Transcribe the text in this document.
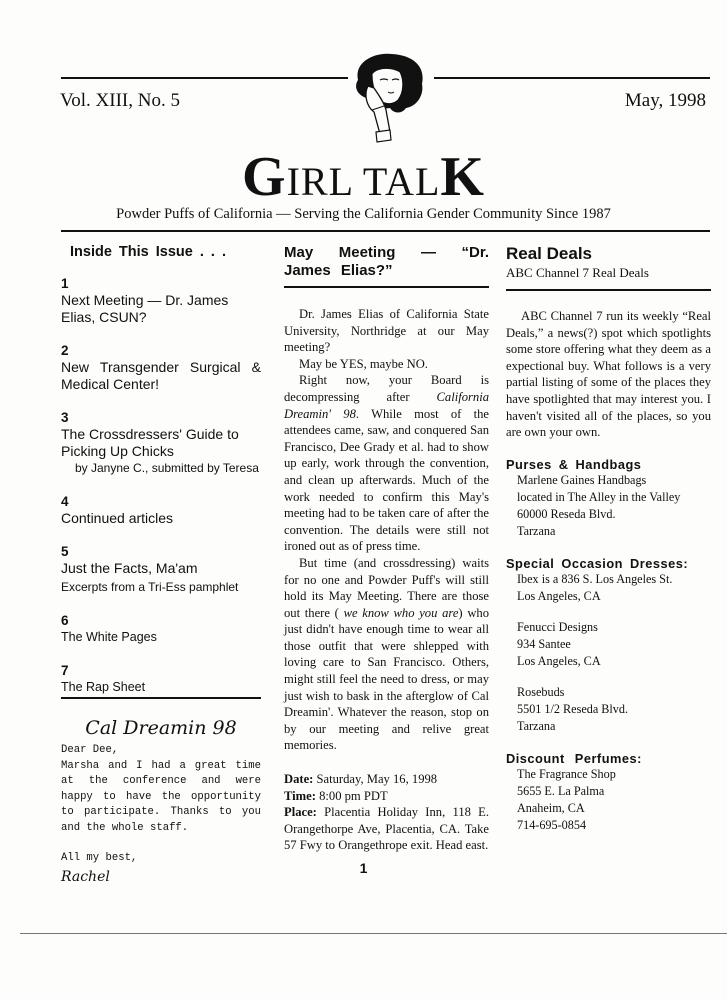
Vol. XIII, No. 5	May, 1998
GIRL TALK
Powder Puffs of California — Serving the California Gender Community Since 1987
Inside This Issue . . .
1
Next Meeting — Dr. James Elias, CSUN?
2
New Transgender Surgical & Medical Center!
3
The Crossdressers' Guide to Picking Up Chicks
by Janyne C., submitted by Teresa
4
Continued articles
5
Just the Facts, Ma'am
Excerpts from a Tri-Ess pamphlet
6
The White Pages
7
The Rap Sheet
Cal Dreamin 98
Dear Dee,
Marsha and I had a great time at the conference and were happy to have the opportunity to participate. Thanks to you and the whole staff.
All my best,
Rachel
May Meeting — “Dr. James Elias?”

Dr. James Elias of California State University, Northridge at our May meeting?

May be YES, maybe NO.

Right now, your Board is decompressing after California Dreamin' 98. While most of the attendees came, saw, and conquered San Francisco, Dee Grady et al. had to show up early, work through the convention, and clean up afterwards. Much of the work needed to confirm this May's meeting had to be taken care of after the convention. The details were still not ironed out as of press time.

But time (and crossdressing) waits for no one and Powder Puff's will still hold its May Meeting. There are those out there ( we know who you are) who just didn't have enough time to wear all those outfit that were shlepped with loving care to San Francisco. Others, might still feel the need to dress, or may just wish to bask in the afterglow of Cal Dreamin'. Whatever the reason, stop on by our meeting and relive great memories.

Date: Saturday, May 16, 1998
Time: 8:00 pm PDT
Place: Placentia Holiday Inn, 118 E. Orangethorpe Ave, Placentia, CA. Take 57 Fwy to Orangethrope exit. Head east.
Real Deals
ABC Channel 7 Real Deals

ABC Channel 7 run its weekly “Real Deals,” a news(?) spot which spotlights some store offering what they deem as a expectional buy. What follows is a very partial listing of some of the places they have spotlighted that may interest you. I haven't visited all of the places, so you are own your own.

Purses & Handbags
Marlene Gaines Handbags
located in The Alley in the Valley
60000 Reseda Blvd.
Tarzana
Special Occasion Dresses:
Ibex is a 836 S. Los Angeles St.
Los Angeles, CA
Fenucci Designs
934 Santee
Los Angeles, CA
Rosebuds
5501 1/2 Reseda Blvd.
Tarzana
Discount Perfumes:
The Fragrance Shop
5655 E. La Palma
Anaheim, CA
714-695-0854
1
